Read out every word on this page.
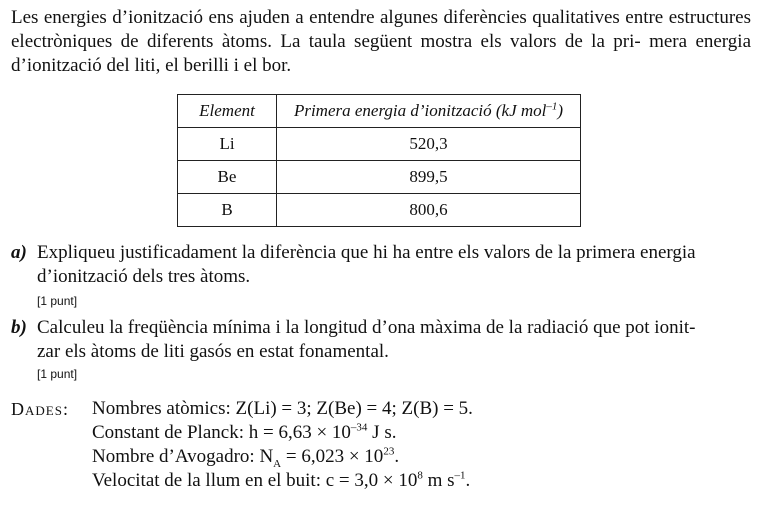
Les energies d’ionització ens ajuden a entendre algunes diferències qualitatives entre estructures electròniques de diferents àtoms. La taula següent mostra els valors de la pri- mera energia d’ionització del liti, el berilli i el bor.
Element	Primera energia d’ionització (kJ mol$^{-1}$)
Li	520,3
Be	899,5
B	800,6
a) Expliqueu justificadament la diferència que hi ha entre els valors de la primera energia
d’ionització dels tres àtoms.
[1 punt]
b) Calculeu la freqüència mínima i la longitud d’ona màxima de la radiació que pot ionit-
zar els àtoms de liti gasós en estat fonamental.
[1 punt]
Dades: Nombres atòmics: Z(Li) = 3; Z(Be) = 4; Z(B) = 5.
Constant de Planck: $h = 6,63 \times 10^{-34}$ J s.
Nombre d’Avogadro: $N_A = 6,023 \times 10^{23}$.
Velocitat de la llum en el buit: $c = 3,0 \times 10^8$ m $s^{-1}$.
